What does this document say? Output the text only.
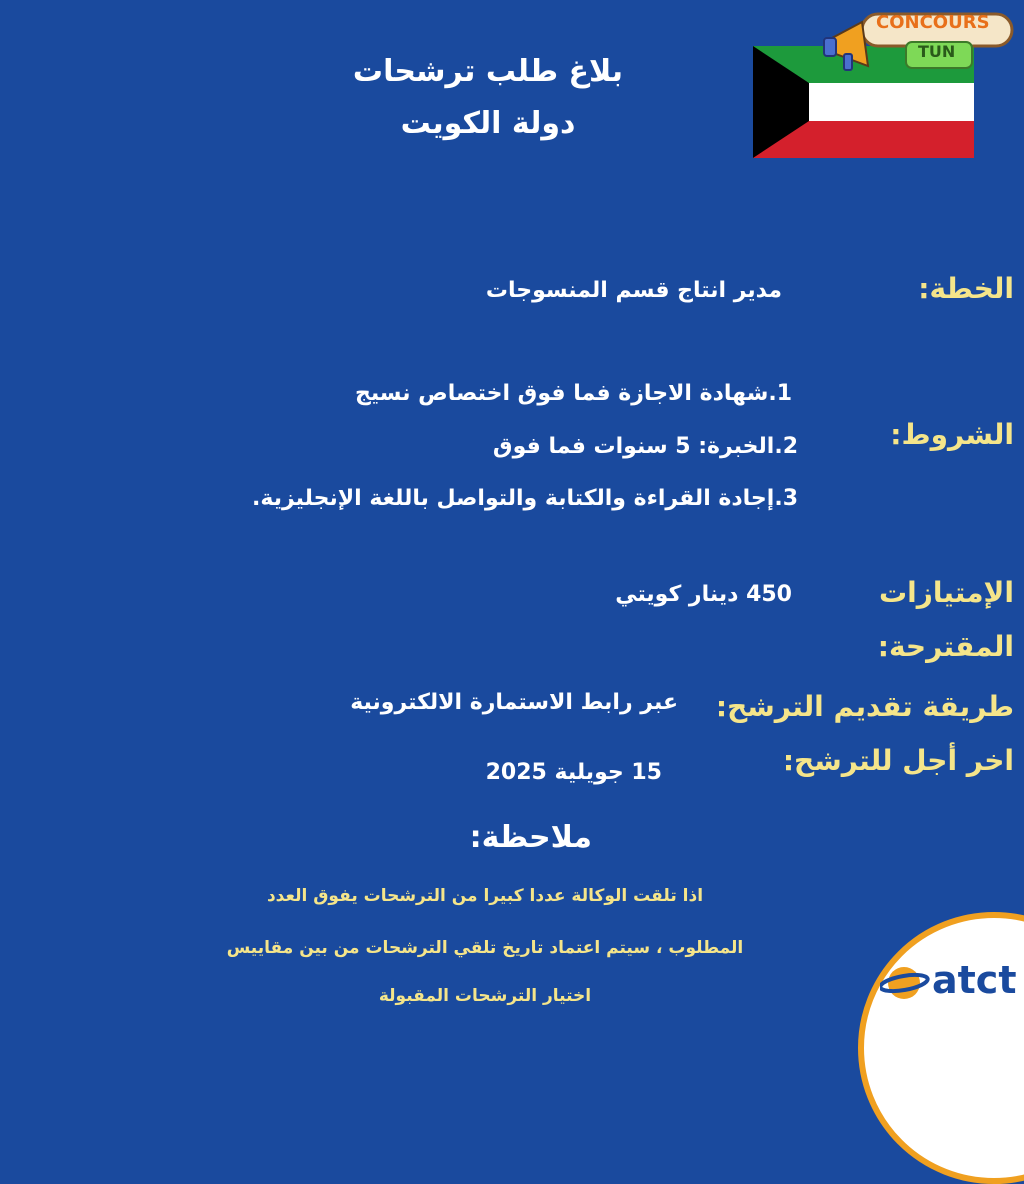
بلاغ طلب ترشحات
دولة الكويت
CONCOURS
TUN
الخطة:
مدير انتاج قسم المنسوجات
الشروط:
1.شهادة الاجازة فما فوق اختصاص نسيج
2.الخبرة: 5 سنوات فما فوق
3.إجادة القراءة والكتابة والتواصل باللغة الإنجليزية.
الإمتيازات
المقترحة:
450 دينار كويتي
طريقة تقديم الترشح:
عبر رابط الاستمارة الالكترونية
اخر أجل للترشح:
15 جويلية 2025
ملاحظة:
اذا تلقت الوكالة عددا كبيرا من الترشحات يفوق العدد
المطلوب ، سيتم اعتماد تاريخ تلقي الترشحات من بين مقاييس
اختيار الترشحات المقبولة	atct
